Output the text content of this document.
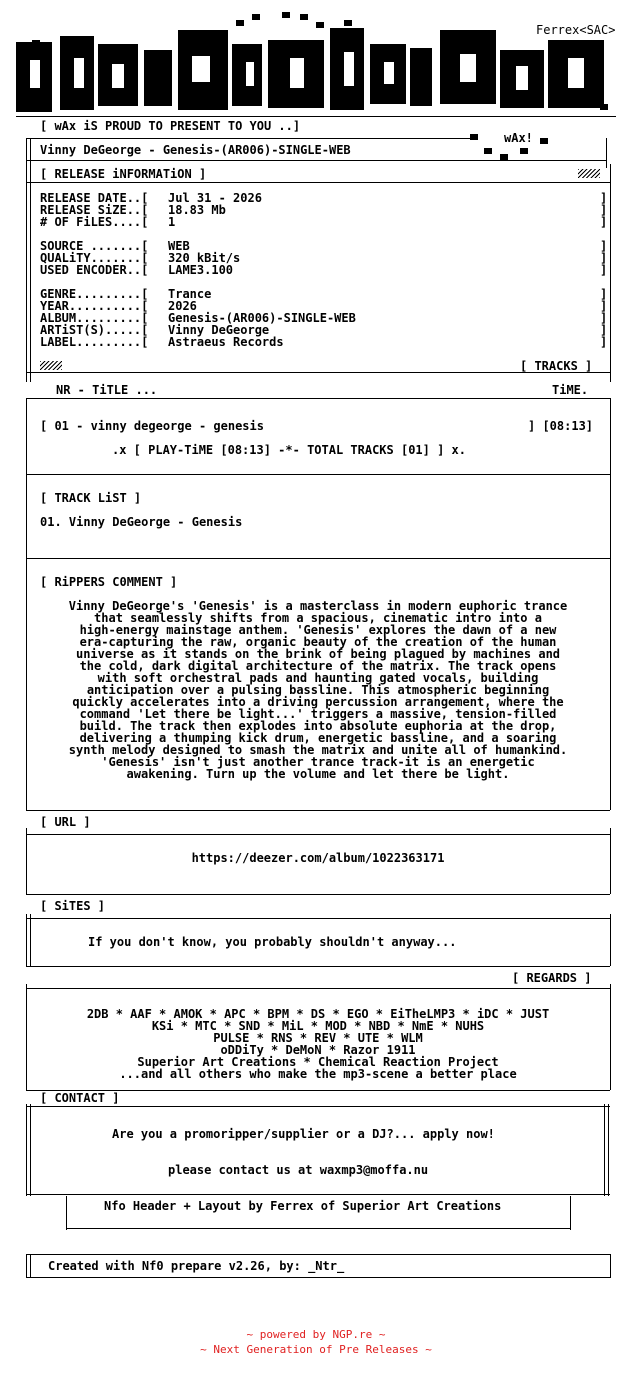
Ferrex<SAC>
[ wAx iS PROUD TO PRESENT TO YOU ..]
wAx!
Vinny DeGeorge - Genesis-(AR006)-SINGLE-WEB
[ RELEASE iNFORMATiON ]
RELEASE DATE..[ Jul 31 - 2026	]
RELEASE SiZE..[ 18.83 Mb	]
# OF FiLES....[ 1	]
SOURCE .......[ WEB	]
QUALiTY.......[ 320 kBit/s	]
USED ENCODER..[ LAME3.100	]
GENRE.........[ Trance	]
YEAR..........[ 2026	]
ALBUM.........[ Genesis-(AR006)-SINGLE-WEB	]
ARTiST(S).....[ Vinny DeGeorge	]
LABEL.........[ Astraeus Records	]
[ TRACKS ]
NR - TiTLE ...	TiME.
[ 01 - vinny degeorge - genesis	] [08:13]
.x [ PLAY-TiME [08:13] -*- TOTAL TRACKS [01] ] x.
[ TRACK LiST ]
01. Vinny DeGeorge - Genesis
[ RiPPERS C0MMENT ]
Vinny DeGeorge's 'Genesis' is a masterclass in modern euphoric trance
that seamlessly shifts from a spacious, cinematic intro into a
high-energy mainstage anthem. 'Genesis' explores the dawn of a new
era-capturing the raw, organic beauty of the creation of the human
universe as it stands on the brink of being plagued by machines and
the cold, dark digital architecture of the matrix. The track opens
with soft orchestral pads and haunting gated vocals, building
anticipation over a pulsing bassline. This atmospheric beginning
quickly accelerates into a driving percussion arrangement, where the
command 'Let there be light...' triggers a massive, tension-filled
build. The track then explodes into absolute euphoria at the drop,
delivering a thumping kick drum, energetic bassline, and a soaring
synth melody designed to smash the matrix and unite all of humankind.
'Genesis' isn't just another trance track-it is an energetic
awakening. Turn up the volume and let there be light.
[ URL ]
https://deezer.com/album/1022363171
[ SiTES ]
If you don't know, you probably shouldn't anyway...
[ REGARDS ]
2DB * AAF * AMOK * APC * BPM * DS * EGO * EiTheLMP3 * iDC * JUST
KSi * MTC * SND * MiL * MOD * NBD * NmE * NUHS
PULSE * RNS * REV * UTE * WLM
oDDiTy * DeMoN * Razor 1911
Superior Art Creations * Chemical Reaction Project
...and all others who make the mp3-scene a better place
[ CONTACT ]
Are you a promoripper/supplier or a DJ?... apply now!
please contact us at waxmp3@moffa.nu
Nfo Header + Layout by Ferrex of Superior Art Creations
Created with Nf0 prepare v2.26, by: _Ntr_
~ powered by NGP.re ~
~ Next Generation of Pre Releases ~
